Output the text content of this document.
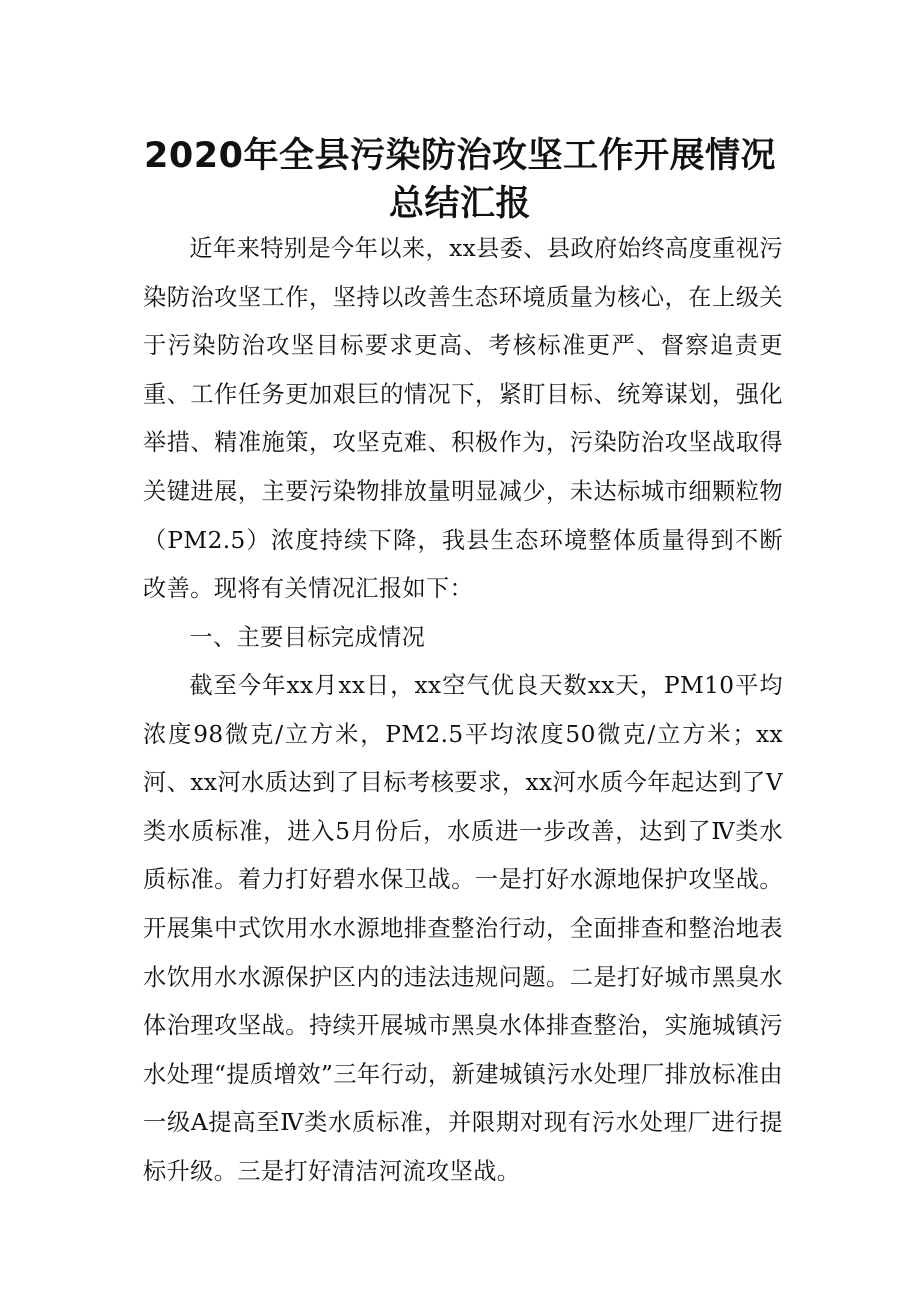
2020年全县污染防治攻坚工作开展情况总结汇报

近年来特别是今年以来，xx县委、县政府始终高度重视污染防治攻坚工作，坚持以改善生态环境质量为核心，在上级关于污染防治攻坚目标要求更高、考核标准更严、督察追责更重、工作任务更加艰巨的情况下，紧盯目标、统筹谋划，强化举措、精准施策，攻坚克难、积极作为，污染防治攻坚战取得关键进展，主要污染物排放量明显减少，未达标城市细颗粒物（PM2.5）浓度持续下降，我县生态环境整体质量得到不断改善。现将有关情况汇报如下：

一、主要目标完成情况

截至今年xx月xx日，xx空气优良天数xx天，PM10平均浓度98微克/立方米，PM2.5平均浓度50微克/立方米；xx河、xx河水质达到了目标考核要求，xx河水质今年起达到了Ⅴ类水质标准，进入5月份后，水质进一步改善，达到了Ⅳ类水质标准。着力打好碧水保卫战。一是打好水源地保护攻坚战。开展集中式饮用水水源地排查整治行动，全面排查和整治地表水饮用水水源保护区内的违法违规问题。二是打好城市黑臭水体治理攻坚战。持续开展城市黑臭水体排查整治，实施城镇污水处理“提质增效”三年行动，新建城镇污水处理厂排放标准由一级A提高至Ⅳ类水质标准，并限期对现有污水处理厂进行提标升级。三是打好清洁河流攻坚战。
